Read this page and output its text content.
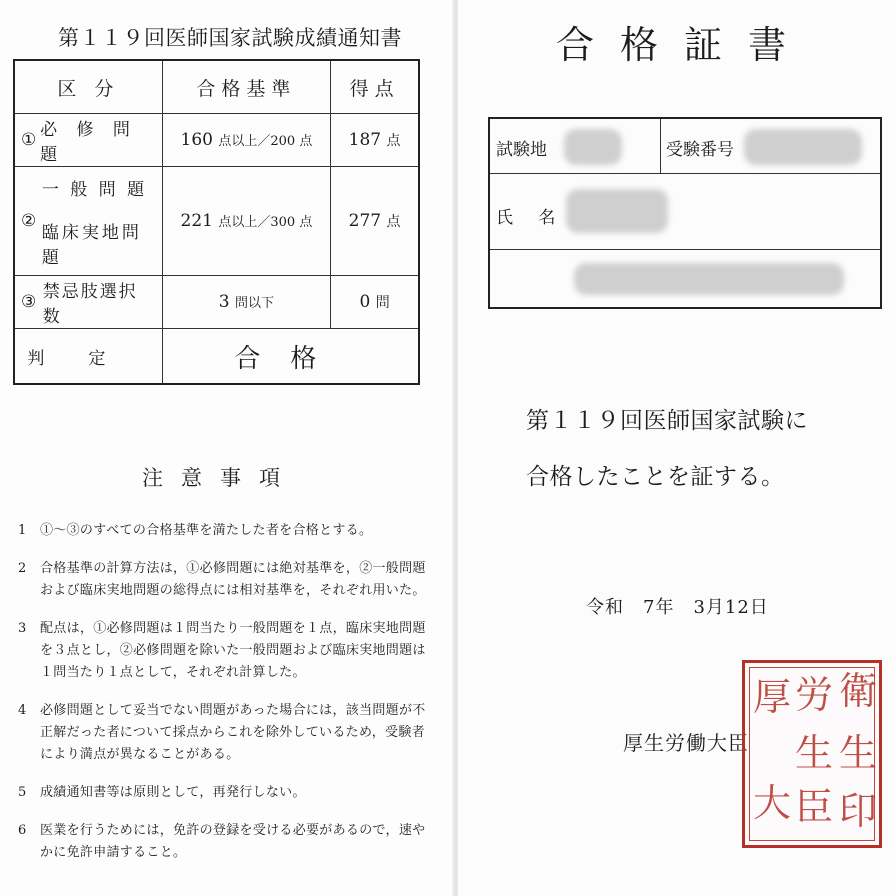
第１１９回医師国家試験成績通知書
区 分	合格基準	得点

① 必 修 問 題	160 点以上／200 点	187 点

②
一 般 問 題
臨床実地問題	221 点以上／300 点	277 点

③ 禁忌肢選択数	3 問以下	0 問
判定	合格	
注意事項
1	①～③のすべての合格基準を満たした者を合格とする。
2	合格基準の計算方法は，①必修問題には絶対基準を，②一般問題および臨床実地問題の総得点には相対基準を，それぞれ用いた。
3	配点は，①必修問題は１問当たり一般問題を１点，臨床実地問題を３点とし，②必修問題を除いた一般問題および臨床実地問題は１問当たり１点として，それぞれ計算した。
4	必修問題として妥当でない問題があった場合には，該当問題が不正解だった者について採点からこれを除外しているため，受験者により満点が異なることがある。
5	成績通知書等は原則として，再発行しない。
6	医業を行うためには，免許の登録を受ける必要があるので，速やかに免許申請すること。
合格証書
試験地	受験番号
氏 名
第１１９回医師国家試験に
合格したことを証する。
令和　7年　3月12日
厚生労働大臣
衛
労
厚
生
生
大 臣 印
